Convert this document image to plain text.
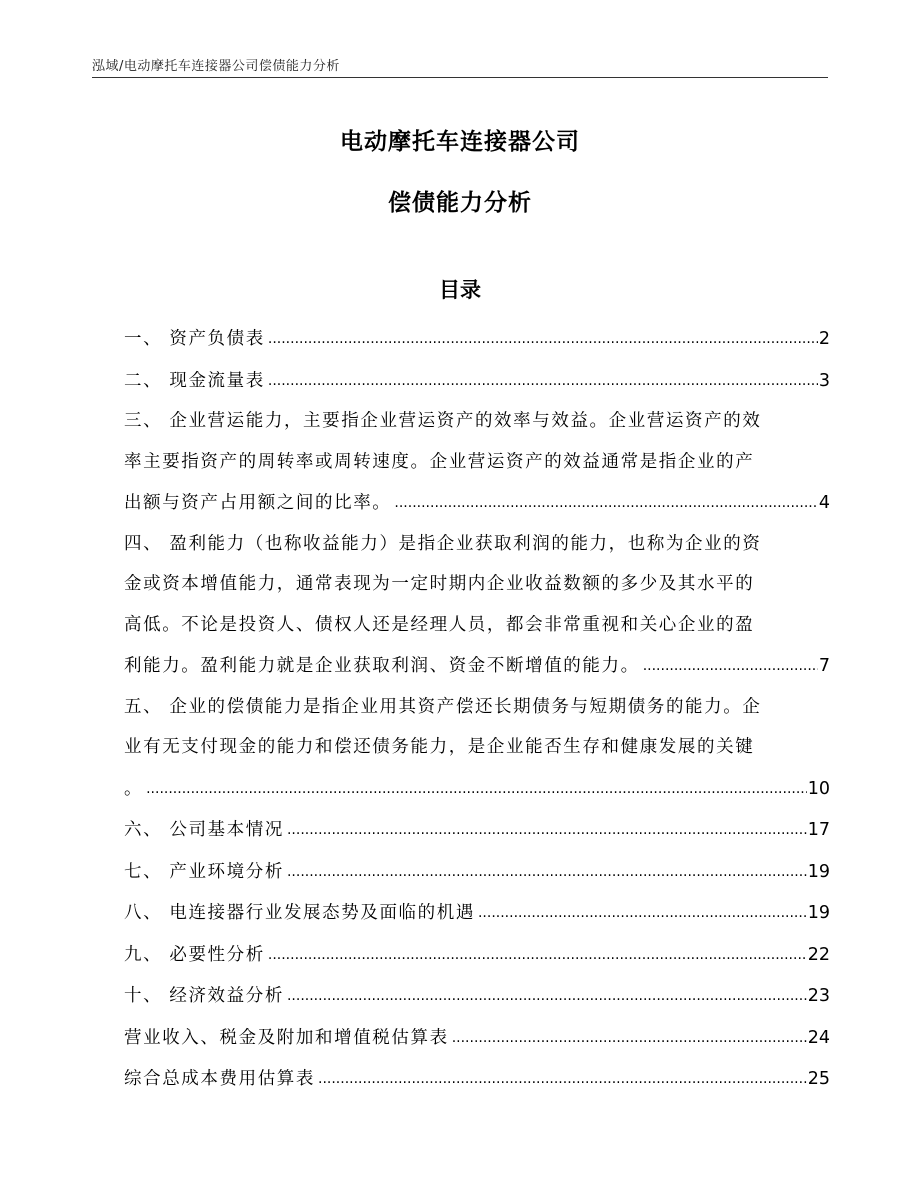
泓域/电动摩托车连接器公司偿债能力分析
电动摩托车连接器公司
偿债能力分析
目录
一、 资产负债表 .....	2
二、 现金流量表 .....	3
三、 企业营运能力，主要指企业营运资产的效率与效益。企业营运资产的效
率主要指资产的周转率或周转速度。企业营运资产的效益通常是指企业的产
出额与资产占用额之间的比率。 .....	4
四、 盈利能力（也称收益能力）是指企业获取利润的能力，也称为企业的资
金或资本增值能力，通常表现为一定时期内企业收益数额的多少及其水平的
高低。不论是投资人、债权人还是经理人员，都会非常重视和关心企业的盈
利能力。盈利能力就是企业获取利润、资金不断增值的能力。 .....	7
五、 企业的偿债能力是指企业用其资产偿还长期债务与短期债务的能力。企
业有无支付现金的能力和偿还债务能力，是企业能否生存和健康发展的关键
。 .....	10
六、 公司基本情况 .....	17
七、 产业环境分析 .....	19
八、 电连接器行业发展态势及面临的机遇 .....	19
九、 必要性分析 .....	22
十、 经济效益分析 .....	23
营业收入、税金及附加和增值税估算表 .....	24
综合总成本费用估算表 .....	25
